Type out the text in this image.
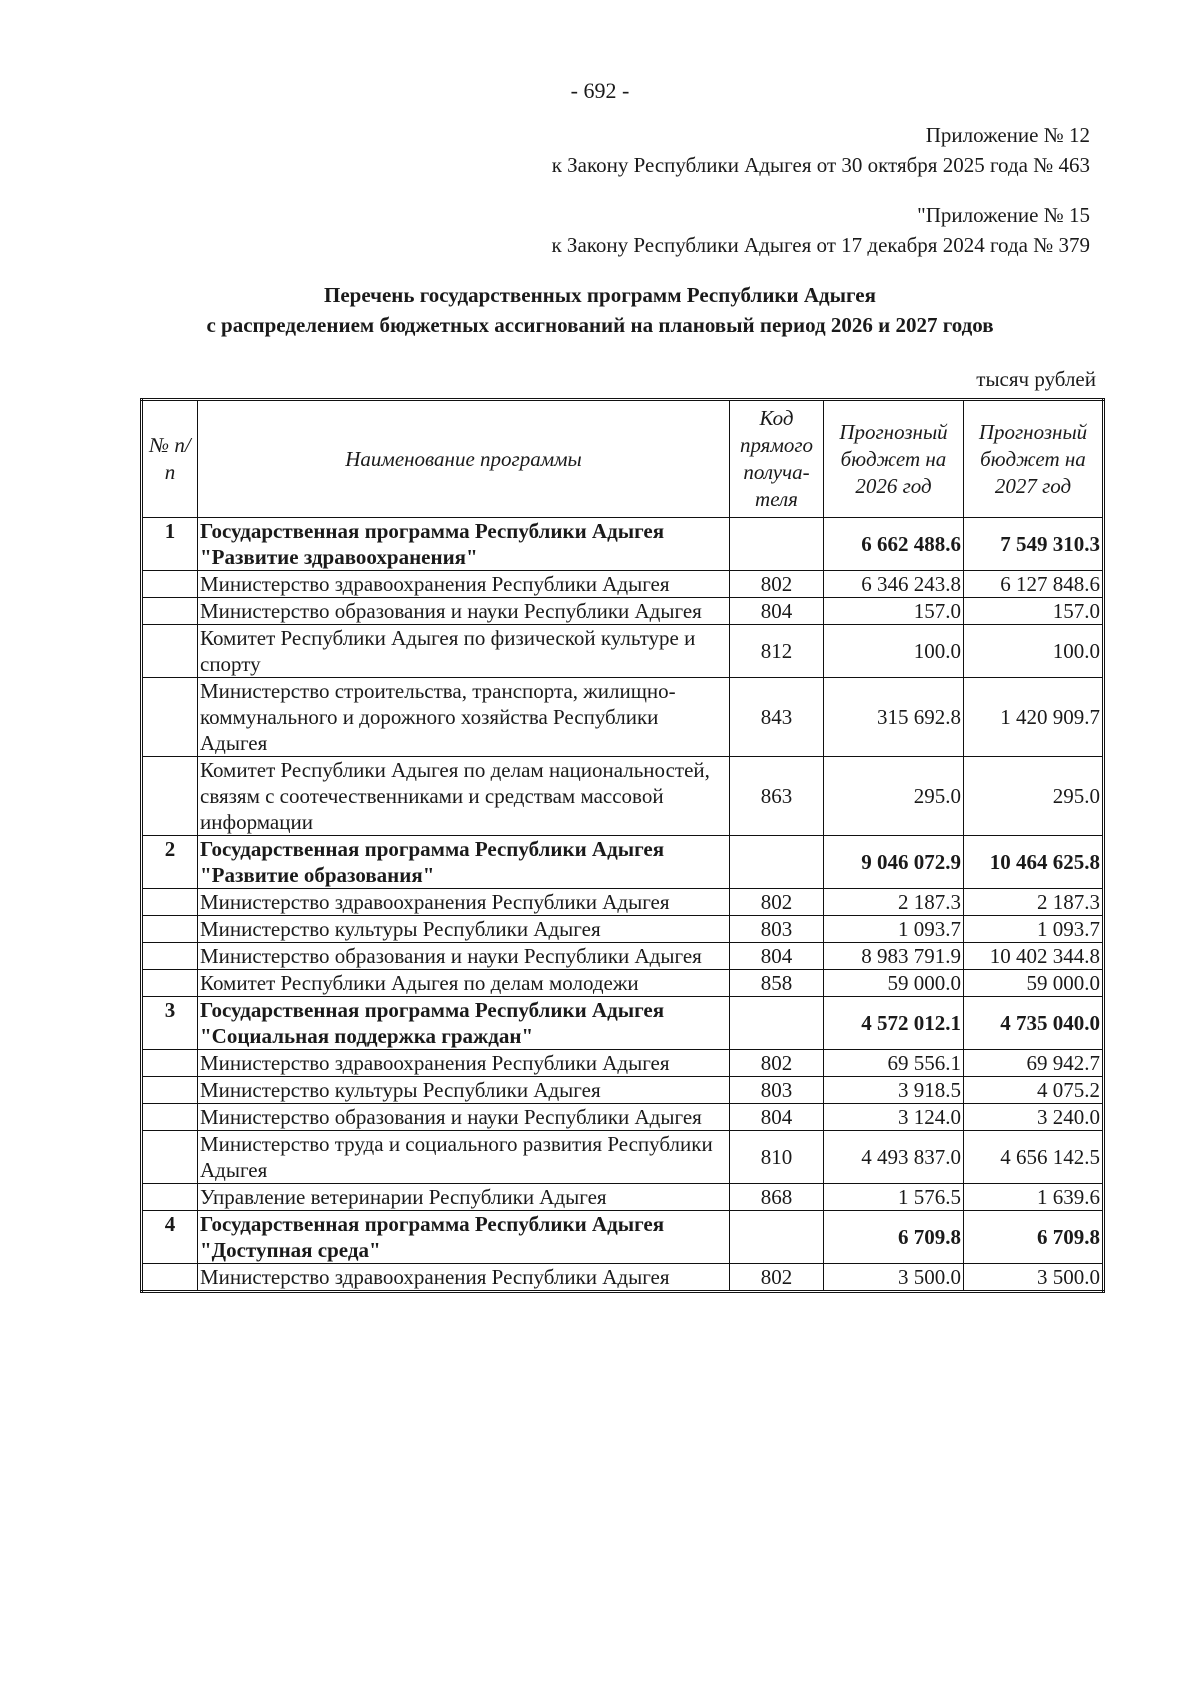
- 692 -
Приложение № 12
к Закону Республики Адыгея от 30 октября 2025 года № 463
"Приложение № 15
к Закону Республики Адыгея от 17 декабря 2024 года № 379
Перечень государственных программ Республики Адыгея
с распределением бюджетных ассигнований на плановый период 2026 и 2027 годов
тысяч рублей
№ п/п	Наименование программы	Код прямого получа-теля	Прогнозный бюджет на 2026 год	Прогнозный бюджет на 2027 год
1	Государственная программа Республики Адыгея "Развитие здравоохранения"		6 662 488.6	7 549 310.3
	Министерство здравоохранения Республики Адыгея	802	6 346 243.8	6 127 848.6
	Министерство образования и науки Республики Адыгея	804	157.0	157.0
	Комитет Республики Адыгея по физической культуре и спорту	812	100.0	100.0
	Министерство строительства, транспорта, жилищно-коммунального и дорожного хозяйства Республики Адыгея	843	315 692.8	1 420 909.7
	Комитет Республики Адыгея по делам национальностей, связям с соотечественниками и средствам массовой информации	863	295.0	295.0
2	Государственная программа Республики Адыгея "Развитие образования"		9 046 072.9	10 464 625.8
	Министерство здравоохранения Республики Адыгея	802	2 187.3	2 187.3
	Министерство культуры Республики Адыгея	803	1 093.7	1 093.7
	Министерство образования и науки Республики Адыгея	804	8 983 791.9	10 402 344.8
	Комитет Республики Адыгея по делам молодежи	858	59 000.0	59 000.0
3	Государственная программа Республики Адыгея "Социальная поддержка граждан"		4 572 012.1	4 735 040.0
	Министерство здравоохранения Республики Адыгея	802	69 556.1	69 942.7
	Министерство культуры Республики Адыгея	803	3 918.5	4 075.2
	Министерство образования и науки Республики Адыгея	804	3 124.0	3 240.0
	Министерство труда и социального развития Республики Адыгея	810	4 493 837.0	4 656 142.5
	Управление ветеринарии Республики Адыгея	868	1 576.5	1 639.6
4	Государственная программа Республики Адыгея "Доступная среда"		6 709.8	6 709.8
	Министерство здравоохранения Республики Адыгея	802	3 500.0	3 500.0
